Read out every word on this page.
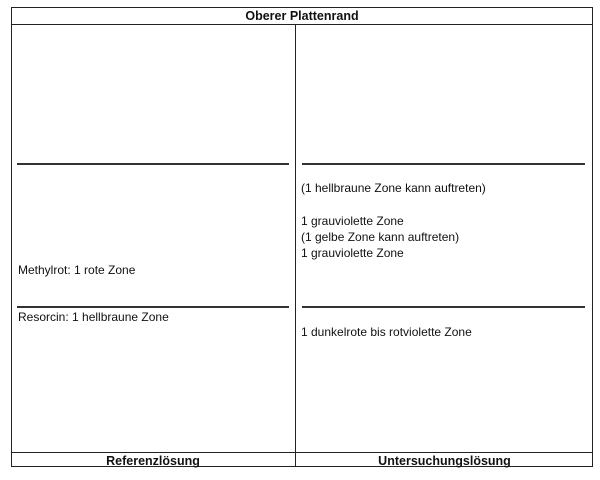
Oberer Plattenrand
Referenzlösung	Untersuchungslösung
Methylrot: 1 rote Zone
Resorcin: 1 hellbraune Zone
(1 hellbraune Zone kann auftreten)
1 grauviolette Zone
(1 gelbe Zone kann auftreten)
1 grauviolette Zone
1 dunkelrote bis rotviolette Zone
